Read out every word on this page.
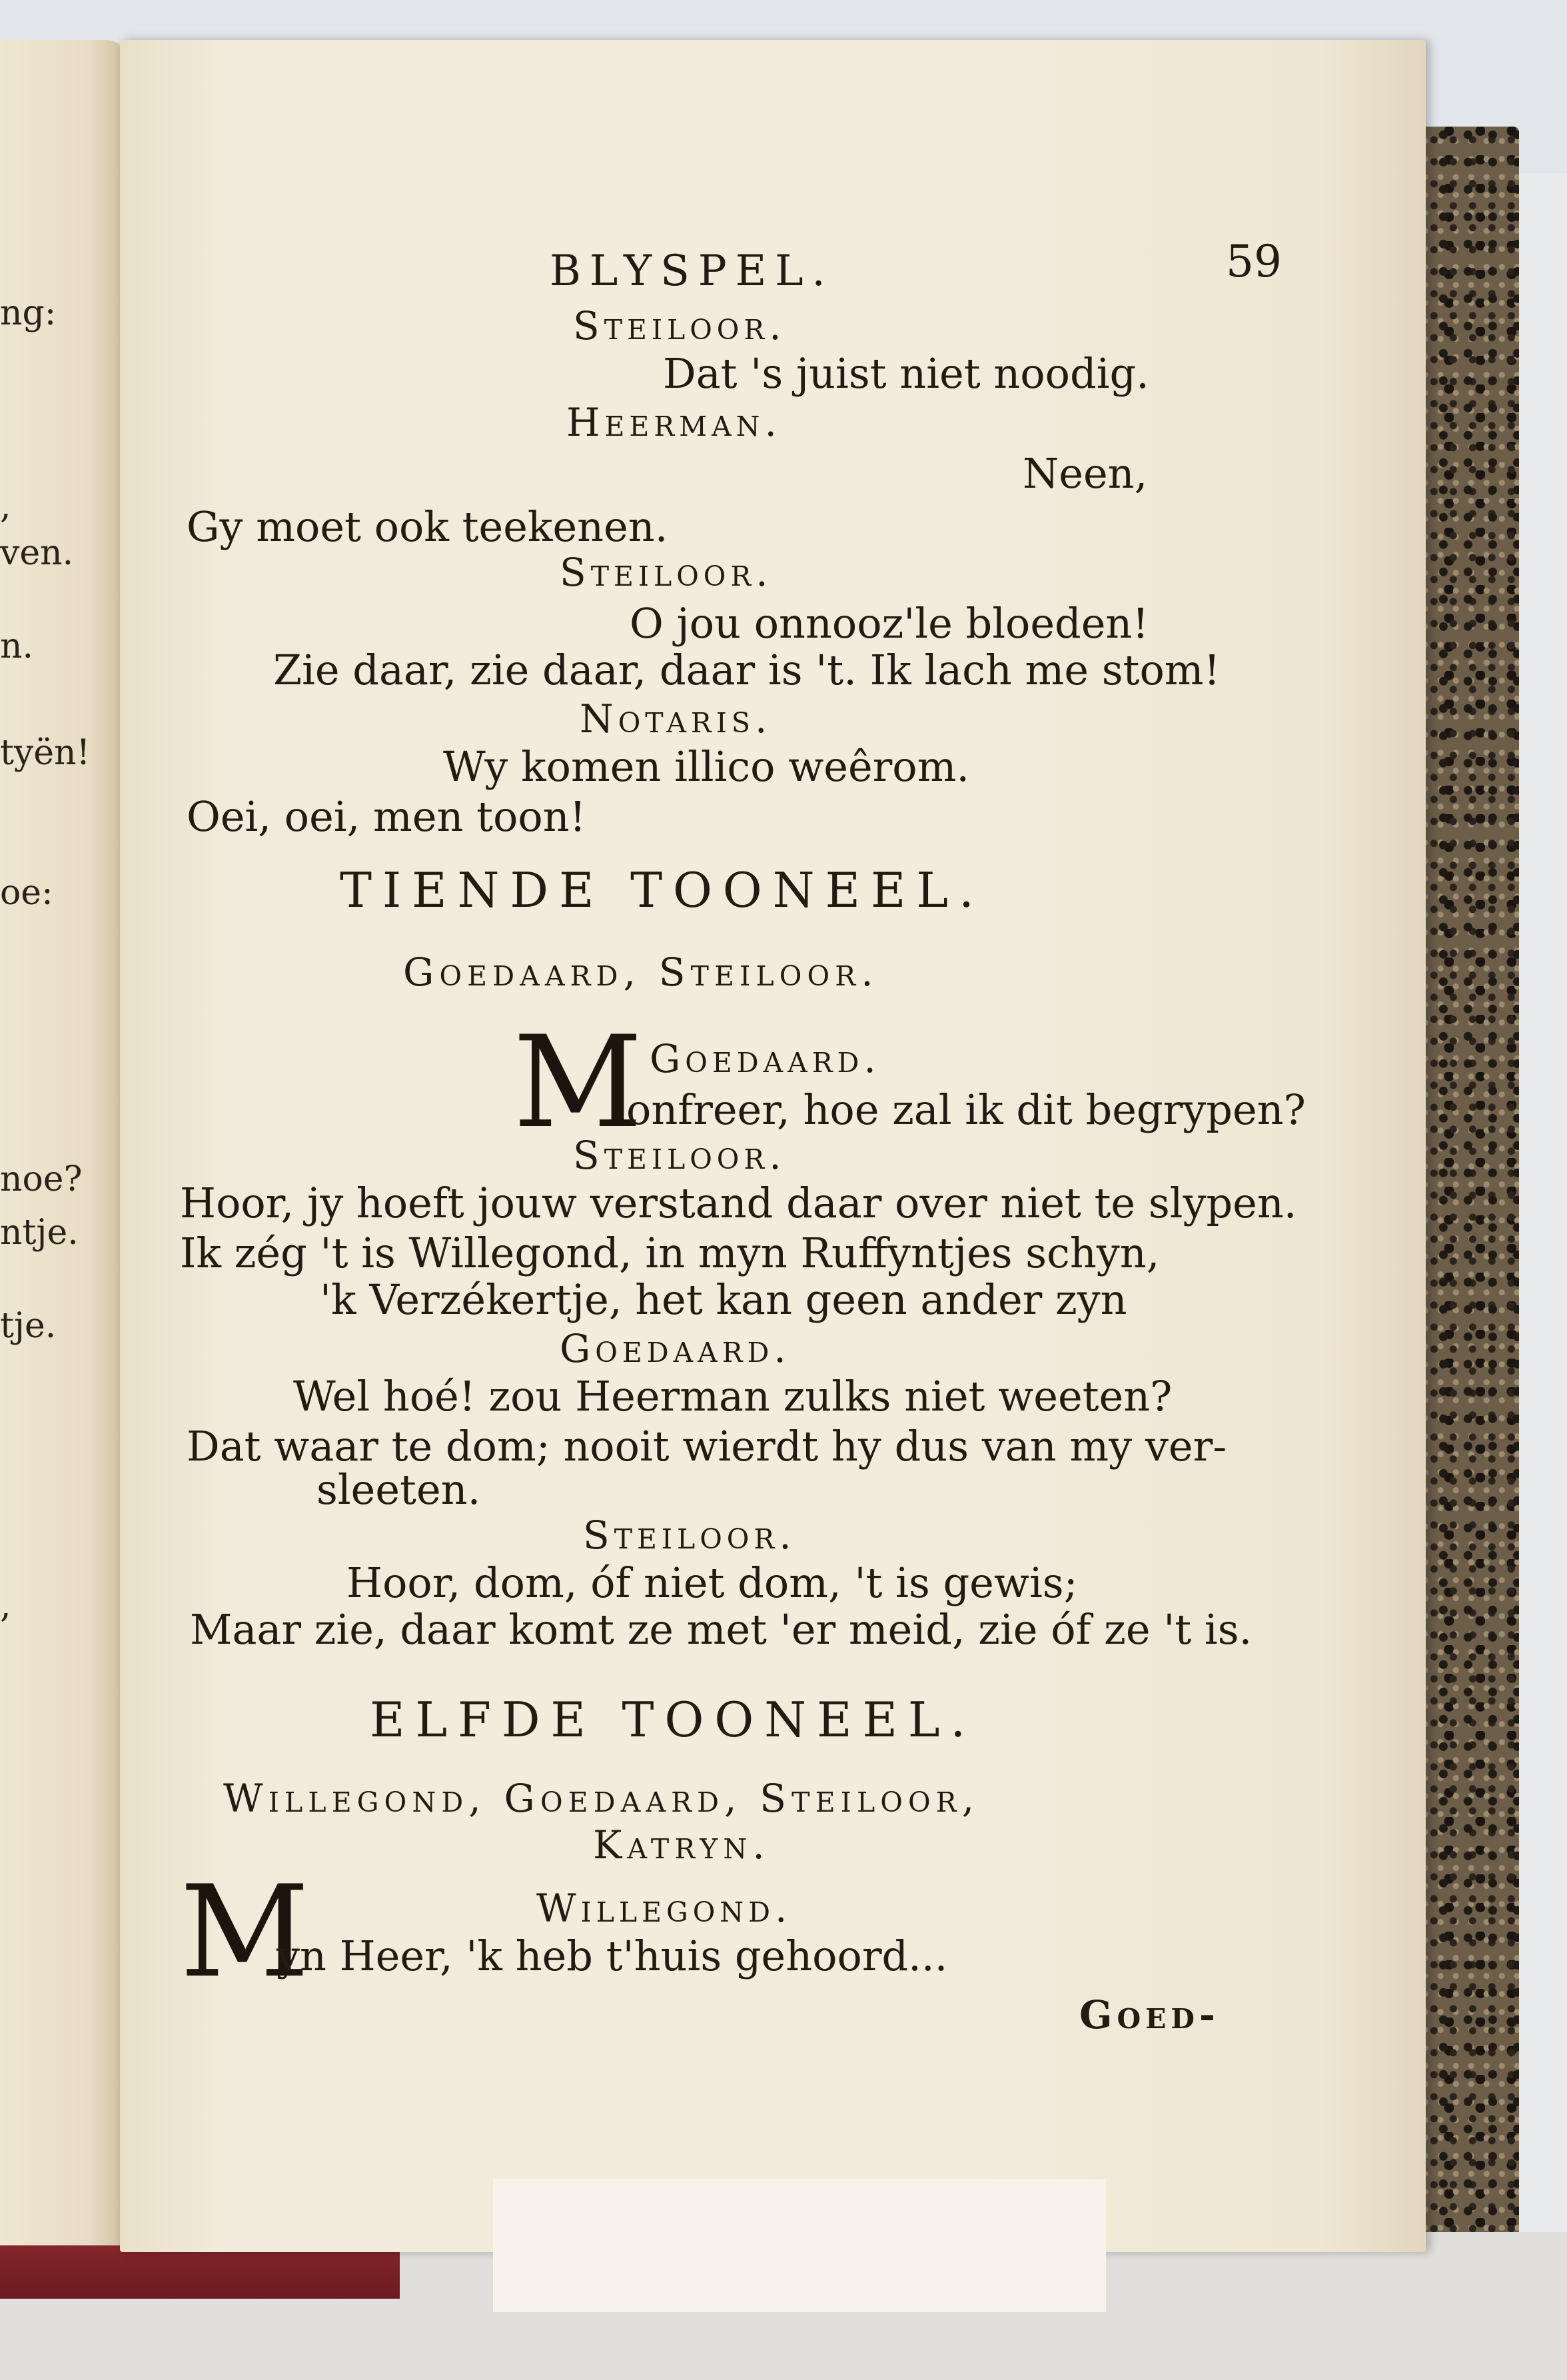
ng:
,
ven.
n.
tyën!
oe:
noe?
ntje.
tje.
,
BLYSPEL.	59
Steiloor.
Dat 's juist niet noodig.
Heerman.
Neen,
Gy moet ook teekenen.
Steiloor.
O jou onnooz'le bloeden!
Zie daar, zie daar, daar is 't. Ik lach me stom!
Notaris.
Wy komen illico weêrom.
Oei, oei, men toon!
TIENDE TOONEEL.
Goedaard, Steiloor.
M Goedaard.
onfreer, hoe zal ik dit begrypen?
Steiloor.
Hoor, jy hoeft jouw verstand daar over niet te slypen.
Ik zég 't is Willegond, in myn Ruffyntjes schyn,
'k Verzékertje, het kan geen ander zyn
Goedaard.
Wel hoé! zou Heerman zulks niet weeten?
Dat waar te dom; nooit wierdt hy dus van my ver-
sleeten.
Steiloor.
Hoor, dom, óf niet dom, 't is gewis;
Maar zie, daar komt ze met 'er meid, zie óf ze 't is.
ELFDE TOONEEL.
Willegond, Goedaard, Steiloor,
Katryn.
M	Willegond.
yn Heer, 'k heb t'huis gehoord...
Goed-
